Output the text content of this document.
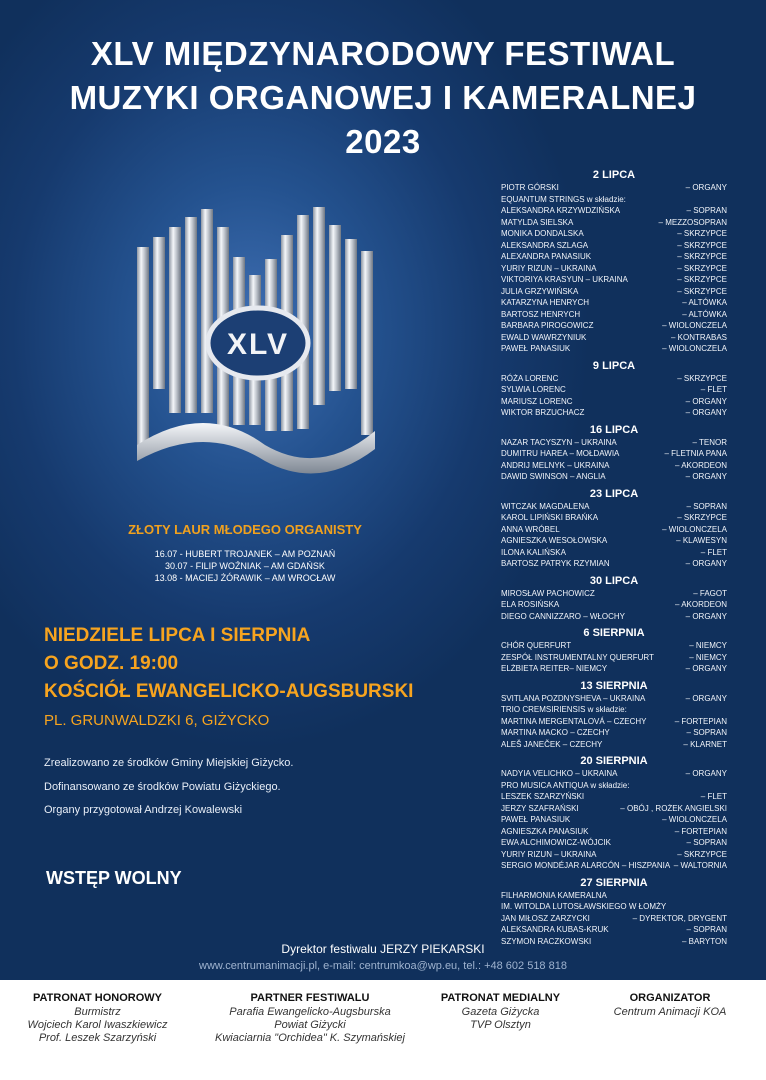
XLV MIĘDZYNARODOWY FESTIWAL
MUZYKI ORGANOWEJ I KAMERALNEJ
2023
XLV
ZŁOTY LAUR MŁODEGO ORGANISTY
16.07 - HUBERT TROJANEK – AM POZNAŃ
30.07 - FILIP WOŹNIAK – AM GDAŃSK
13.08 - MACIEJ ŻÓRAWIK – AM WROCŁAW
NIEDZIELE LIPCA I SIERPNIA
O GODZ. 19:00
KOŚCIÓŁ EWANGELICKO-AUGSBURSKI
PL. GRUNWALDZKI 6, GIŻYCKO
Zrealizowano ze środków Gminy Miejskiej Giżycko.
Dofinansowano ze środków Powiatu Giżyckiego.
Organy przygotował Andrzej Kowalewski
WSTĘP WOLNY
2 LIPCA
PIOTR GÓRSKI	– ORGANY
EQUANTUM STRINGS w składzie:
ALEKSANDRA KRZYWDZIŃSKA	– SOPRAN
MATYLDA SIELSKA	– MEZZOSOPRAN
MONIKA DONDALSKA	– SKRZYPCE
ALEKSANDRA SZLAGA	– SKRZYPCE
ALEXANDRA PANASIUK	– SKRZYPCE
YURIY RIZUN – UKRAINA	– SKRZYPCE
VIKTORIYA KRASYUN – UKRAINA	– SKRZYPCE
JULIA GRZYWIŃSKA	– SKRZYPCE
KATARZYNA HENRYCH	– ALTÓWKA
BARTOSZ HENRYCH	– ALTÓWKA
BARBARA PIROGOWICZ	– WIOLONCZELA
EWALD WAWRZYNIUK	– KONTRABAS
PAWEŁ PANASIUK	– WIOLONCZELA
9 LIPCA
RÓŻA LORENC	– SKRZYPCE
SYLWIA LORENC	– FLET
MARIUSZ LORENC	– ORGANY
WIKTOR BRZUCHACZ	– ORGANY
16 LIPCA
NAZAR TACYSZYN – UKRAINA	– TENOR
DUMITRU HAREA – MOŁDAWIA	– FLETNIA PANA
ANDRIJ MELNYK – UKRAINA	– AKORDEON
DAWID SWINSON – ANGLIA	– ORGANY
23 LIPCA
WITCZAK MAGDALENA	– SOPRAN
KAROL LIPIŃSKI BRAŃKA	– SKRZYPCE
ANNA WRÓBEL	– WIOLONCZELA
AGNIESZKA WESOŁOWSKA	– KLAWESYN
ILONA KALIŃSKA	– FLET
BARTOSZ PATRYK RZYMIAN	– ORGANY
30 LIPCA
MIROSŁAW PACHOWICZ	– FAGOT
ELA ROSIŃSKA	– AKORDEON
DIEGO CANNIZZARO – WŁOCHY	– ORGANY
6 SIERPNIA
CHÓR QUERFURT	– NIEMCY
ZESPÓŁ INSTRUMENTALNY QUERFURT	– NIEMCY
ELŻBIETA REITER– NIEMCY	– ORGANY
13 SIERPNIA
SVITLANA POZDNYSHEVA – UKRAINA	– ORGANY
TRIO CREMSIRIENSIS w składzie:
MARTINA MERGENTALOVÁ – CZECHY	– FORTEPIAN
MARTINA MACKO – CZECHY	– SOPRAN
ALEŠ JANEČEK – CZECHY	– KLARNET
20 SIERPNIA
NADYIA VELICHKO – UKRAINA	– ORGANY
PRO MUSICA ANTIQUA w składzie:
LESZEK SZARZYŃSKI	– FLET
JERZY SZAFRAŃSKI	– OBÓJ , ROŻEK ANGIELSKI
PAWEŁ PANASIUK	– WIOLONCZELA
AGNIESZKA PANASIUK	– FORTEPIAN
EWA ALCHIMOWICZ-WÓJCIK	– SOPRAN
YURIY RIZUN – UKRAINA	– SKRZYPCE
SERGIO MONDÉJAR ALARCÓN – HISZPANIA – WALTORNIA
27 SIERPNIA
FILHARMONIA KAMERALNA
IM. WITOLDA LUTOSŁAWSKIEGO W ŁOMŻY
JAN MIŁOSZ ZARZYCKI	– DYREKTOR, DRYGENT
ALEKSANDRA KUBAS-KRUK	– SOPRAN
SZYMON RACZKOWSKI	– BARYTON
Dyrektor festiwalu JERZY PIEKARSKI
www.centrumanimacji.pl, e-mail: centrumkoa@wp.eu, tel.: +48 602 518 818
PATRONAT HONOROWY
Burmistrz
Wojciech Karol Iwaszkiewicz
Prof. Leszek Szarzyński
PARTNER FESTIWALU
Parafia Ewangelicko-Augsburska
Powiat Giżycki
Kwiaciarnia "Orchidea" K. Szymańskiej
PATRONAT MEDIALNY
Gazeta Giżycka
TVP Olsztyn
ORGANIZATOR
Centrum Animacji KOA
